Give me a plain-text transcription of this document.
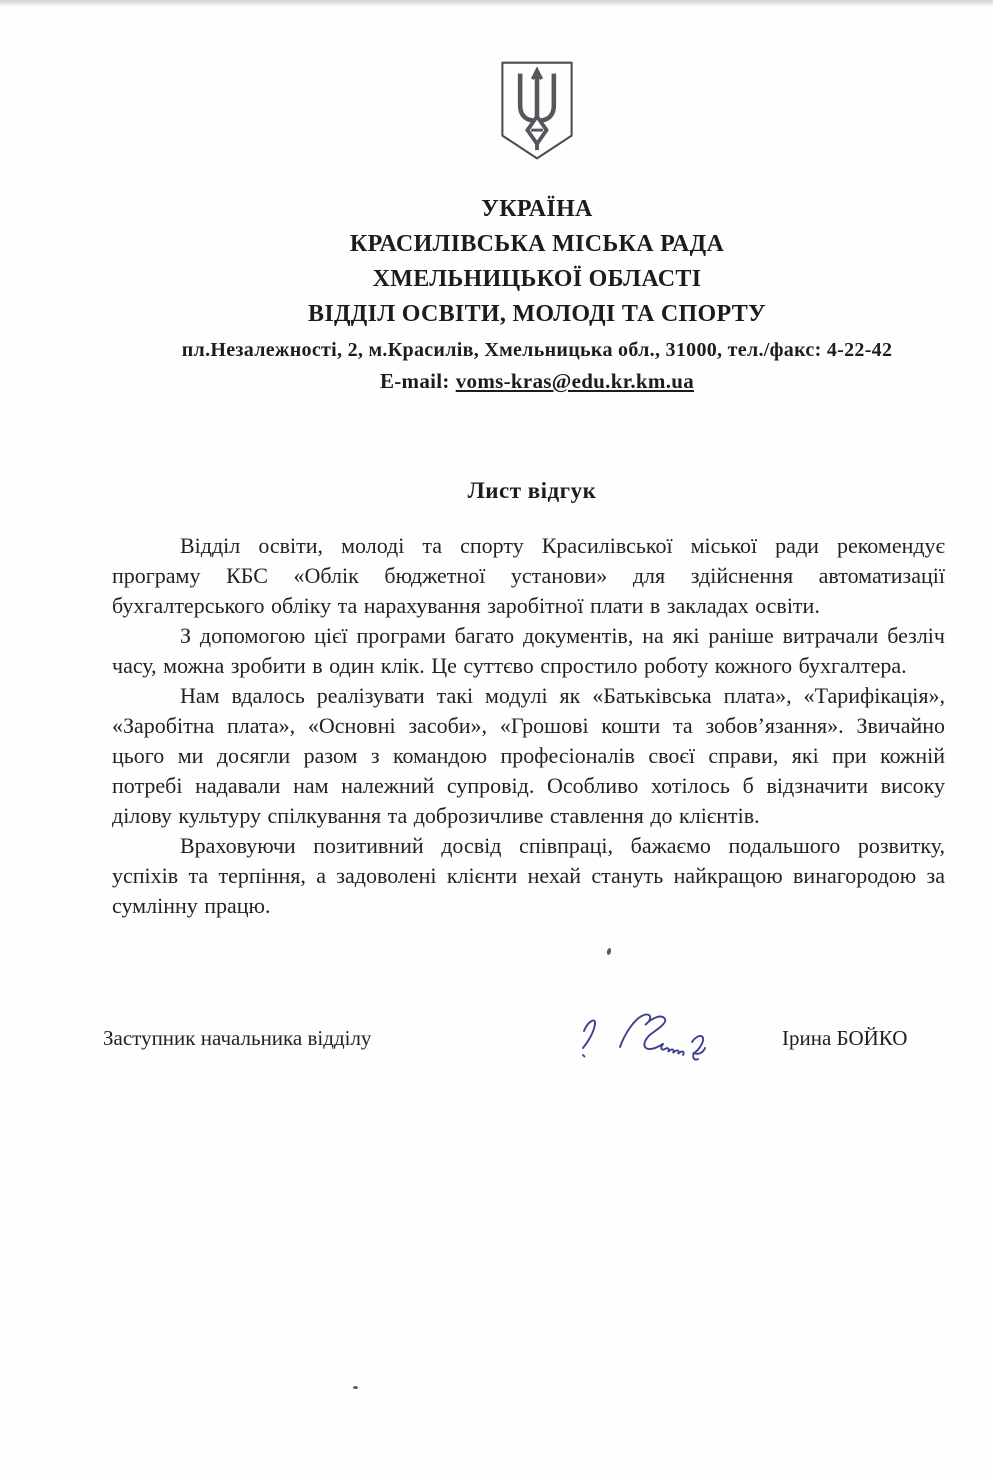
УКРАЇНА
КРАСИЛІВСЬКА МІСЬКА РАДА
ХМЕЛЬНИЦЬКОЇ ОБЛАСТІ
ВІДДІЛ ОСВІТИ, МОЛОДІ ТА СПОРТУ
пл.Незалежності, 2, м.Красилів, Хмельницька обл., 31000, тел./факс: 4-22-42
E-mail: voms-kras@edu.kr.km.ua
Лист відгук

Відділ освіти, молоді та спорту Красилівської міської ради рекомендує програму КБС «Облік бюджетної установи» для здійснення автоматизації бухгалтерського обліку та нарахування заробітної плати в закладах освіти.

З допомогою цієї програми багато документів, на які раніше витрачали безліч часу, можна зробити в один клік. Це суттєво спростило роботу кожного бухгалтера.

Нам вдалось реалізувати такі модулі як «Батьківська плата», «Тарифікація», «Заробітна плата», «Основні засоби», «Грошові кошти та зобов’язання». Звичайно цього ми досягли разом з командою професіоналів своєї справи, які при кожній потребі надавали нам належний супровід. Особливо хотілось б відзначити високу ділову культуру спілкування та доброзичливе ставлення до клієнтів.

Враховуючи позитивний досвід співпраці, бажаємо подальшого розвитку, успіхів та терпіння, а задоволені клієнти нехай стануть найкращою винагородою за сумлінну працю.

Заступник начальника відділу	Ірина БОЙКО
